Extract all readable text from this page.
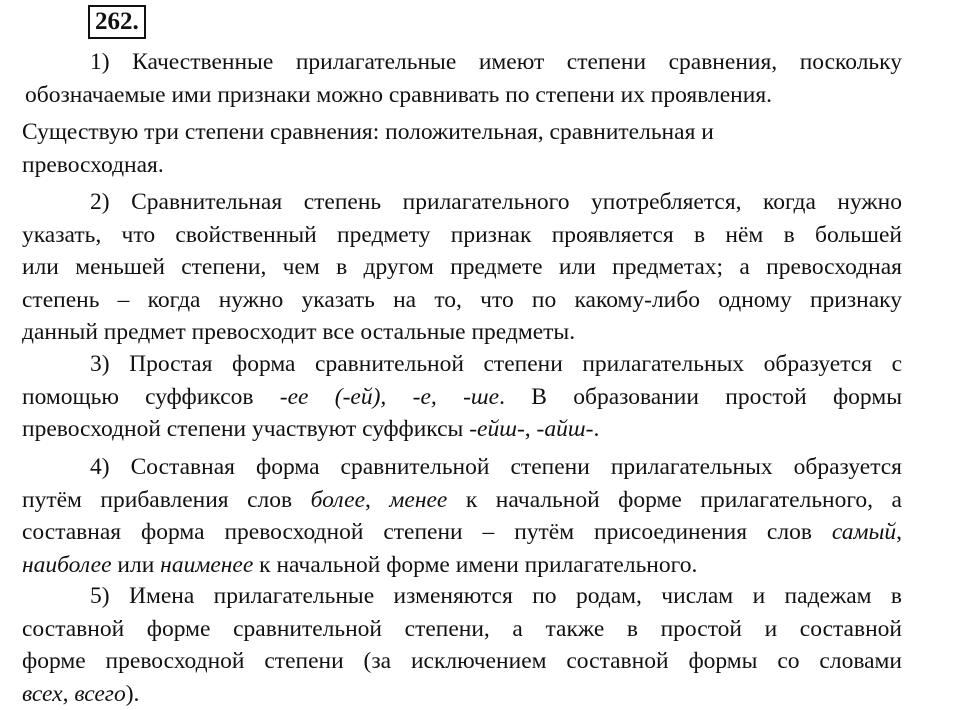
262.

1) Качественные прилагательные имеют степени сравнения, поскольку
обозначаемые ими признаки можно сравнивать по степени их проявления.

Существую три степени сравнения: положительная, сравнительная и
превосходная.

2) Сравнительная степень прилагательного употребляется, когда нужно
указать, что свойственный предмету признак проявляется в нём в большей
или меньшей степени, чем в другом предмете или предметах; а превосходная
степень – когда нужно указать на то, что по какому-либо одному признаку
данный предмет превосходит все остальные предметы.

3) Простая форма сравнительной степени прилагательных образуется с
помощью суффиксов -ее (-ей), -е, -ше. В образовании простой формы
превосходной степени участвуют суффиксы -ейш-, -айш-.

4) Составная форма сравнительной степени прилагательных образуется
путём прибавления слов более, менее к начальной форме прилагательного, а
составная форма превосходной степени – путём присоединения слов самый,
наиболее или наименее к начальной форме имени прилагательного.

5) Имена прилагательные изменяются по родам, числам и падежам в
составной форме сравнительной степени, а также в простой и составной
форме превосходной степени (за исключением составной формы со словами
всех, всего).
